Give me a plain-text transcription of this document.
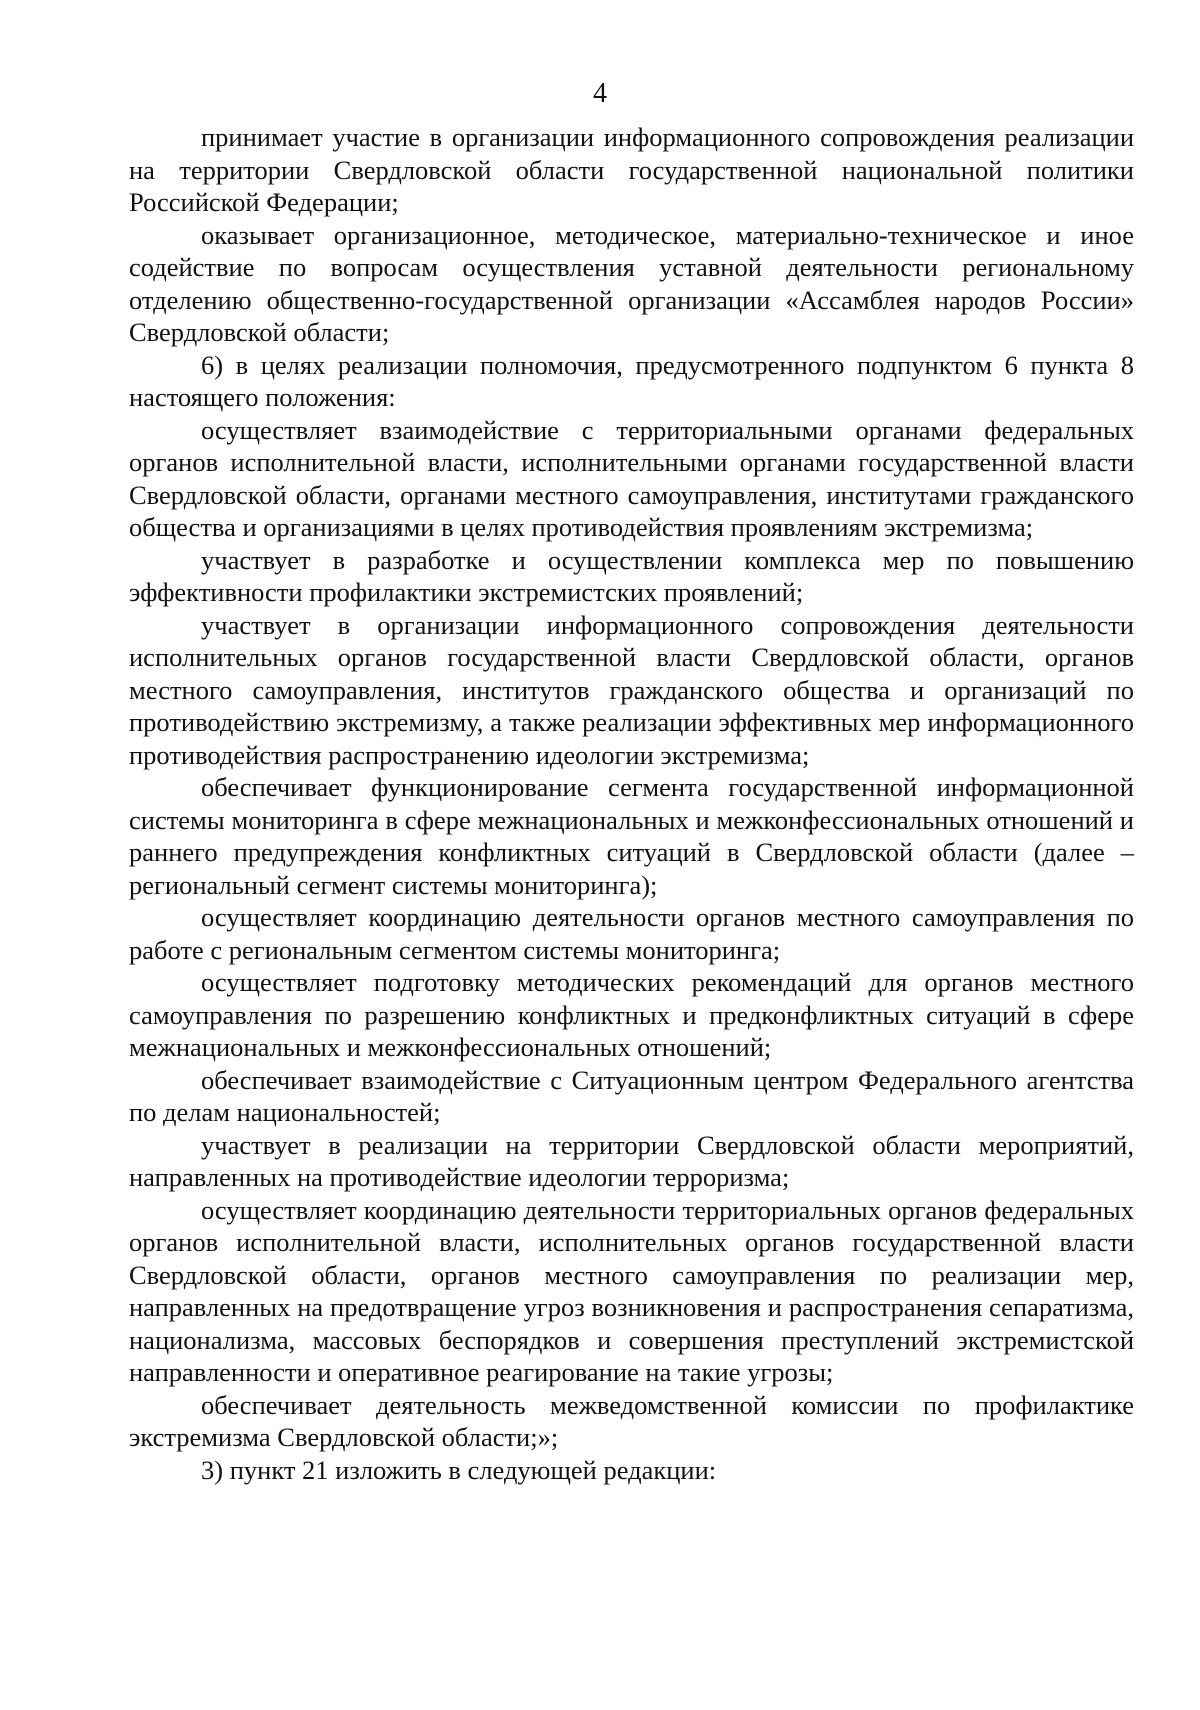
4

принимает участие в организации информационного сопровождения реализации на территории Свердловской области государственной национальной политики Российской Федерации;

оказывает организационное, методическое, материально-техническое и иное содействие по вопросам осуществления уставной деятельности региональному отделению общественно-государственной организации «Ассамблея народов России» Свердловской области;

6) в целях реализации полномочия, предусмотренного подпунктом 6 пункта 8 настоящего положения:

осуществляет взаимодействие с территориальными органами федеральных органов исполнительной власти, исполнительными органами государственной власти Свердловской области, органами местного самоуправления, институтами гражданского общества и организациями в целях противодействия проявлениям экстремизма;

участвует в разработке и осуществлении комплекса мер по повышению эффективности профилактики экстремистских проявлений;

участвует в организации информационного сопровождения деятельности исполнительных органов государственной власти Свердловской области, органов местного самоуправления, институтов гражданского общества и организаций по противодействию экстремизму, а также реализации эффективных мер информационного противодействия распространению идеологии экстремизма;

обеспечивает функционирование сегмента государственной информационной системы мониторинга в сфере межнациональных и межконфессиональных отношений и раннего предупреждения конфликтных ситуаций в Свердловской области (далее – региональный сегмент системы мониторинга);

осуществляет координацию деятельности органов местного самоуправления по работе с региональным сегментом системы мониторинга;

осуществляет подготовку методических рекомендаций для органов местного самоуправления по разрешению конфликтных и предконфликтных ситуаций в сфере межнациональных и межконфессиональных отношений;

обеспечивает взаимодействие с Ситуационным центром Федерального агентства по делам национальностей;

участвует в реализации на территории Свердловской области мероприятий, направленных на противодействие идеологии терроризма;

осуществляет координацию деятельности территориальных органов федеральных органов исполнительной власти, исполнительных органов государственной власти Свердловской области, органов местного самоуправления по реализации мер, направленных на предотвращение угроз возникновения и распространения сепаратизма, национализма, массовых беспорядков и совершения преступлений экстремистской направленности и оперативное реагирование на такие угрозы;

обеспечивает деятельность межведомственной комиссии по профилактике экстремизма Свердловской области;»;

3) пункт 21 изложить в следующей редакции:
